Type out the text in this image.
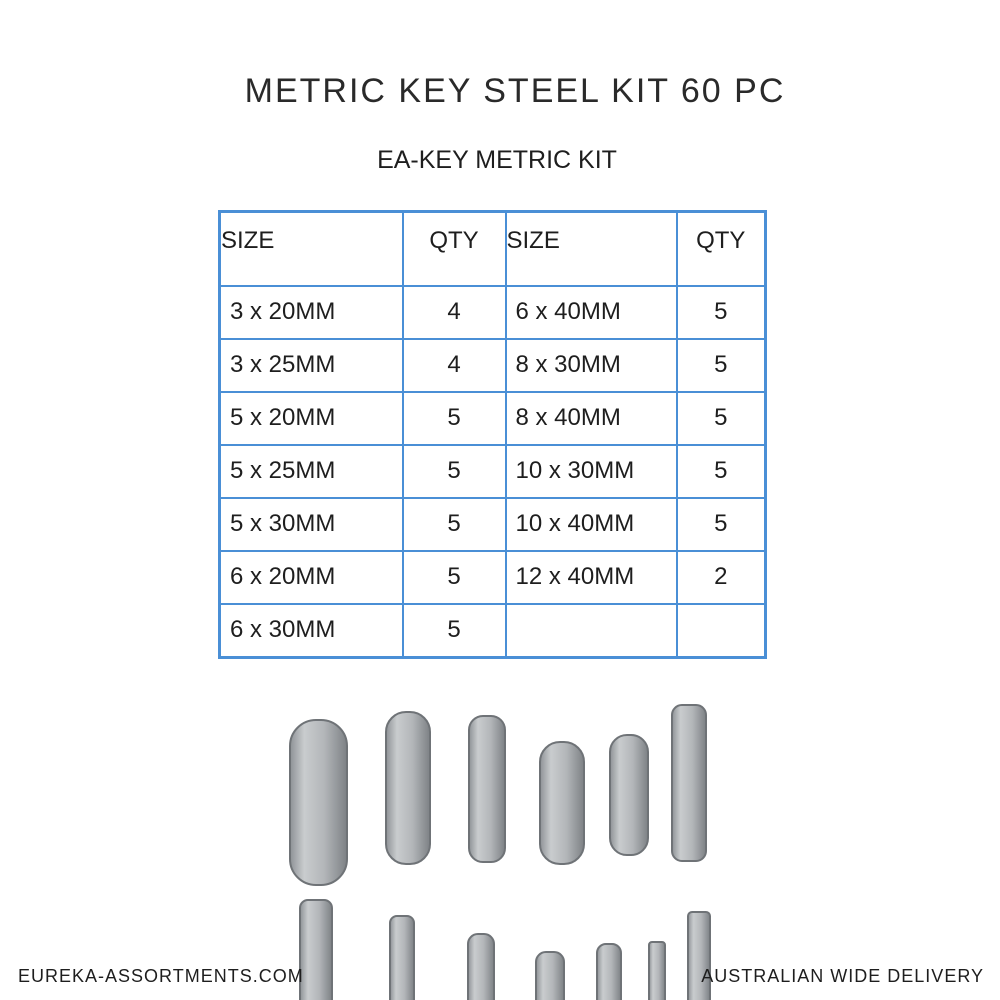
METRIC KEY STEEL KIT 60 PC
EA-KEY METRIC KIT
SIZE	QTY	SIZE	QTY
3 x 20MM	4	6 x 40MM	5
3 x 25MM	4	8 x 30MM	5
5 x 20MM	5	8 x 40MM	5
5 x 25MM	5	10 x 30MM	5
5 x 30MM	5	10 x 40MM	5
6 x 20MM	5	12 x 40MM	2
6 x 30MM	5		
EUREKA-ASSORTMENTS.COM	AUSTRALIAN WIDE DELIVERY
